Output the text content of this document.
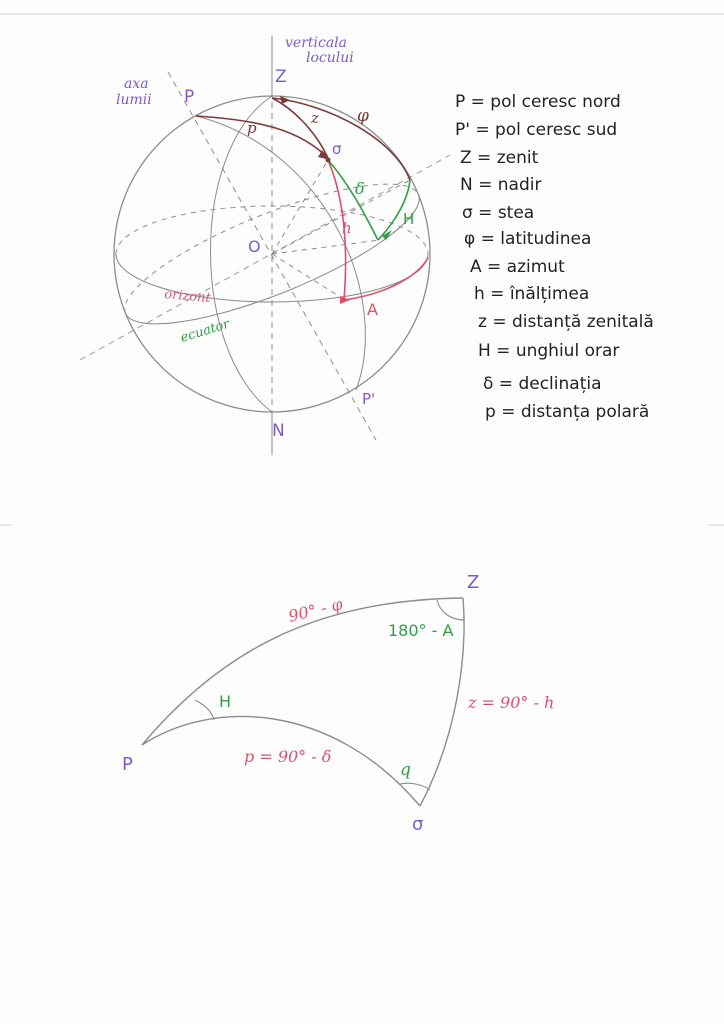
verticala
locului
axa
lumii
Z
P
O
N
P'
σ
p
z φ
δ
H
h
A
orizont
ecuator
P = pol ceresc nord
P' = pol ceresc sud
Z = zenit
N = nadir
σ = stea
φ = latitudinea
A = azimut
h = înălțimea
z = distanță zenitală
H = unghiul orar
δ = declinația
p = distanța polară
Z
P
σ
90° - φ
z = 90° - h
p = 90° - δ
180° - A
H
q
